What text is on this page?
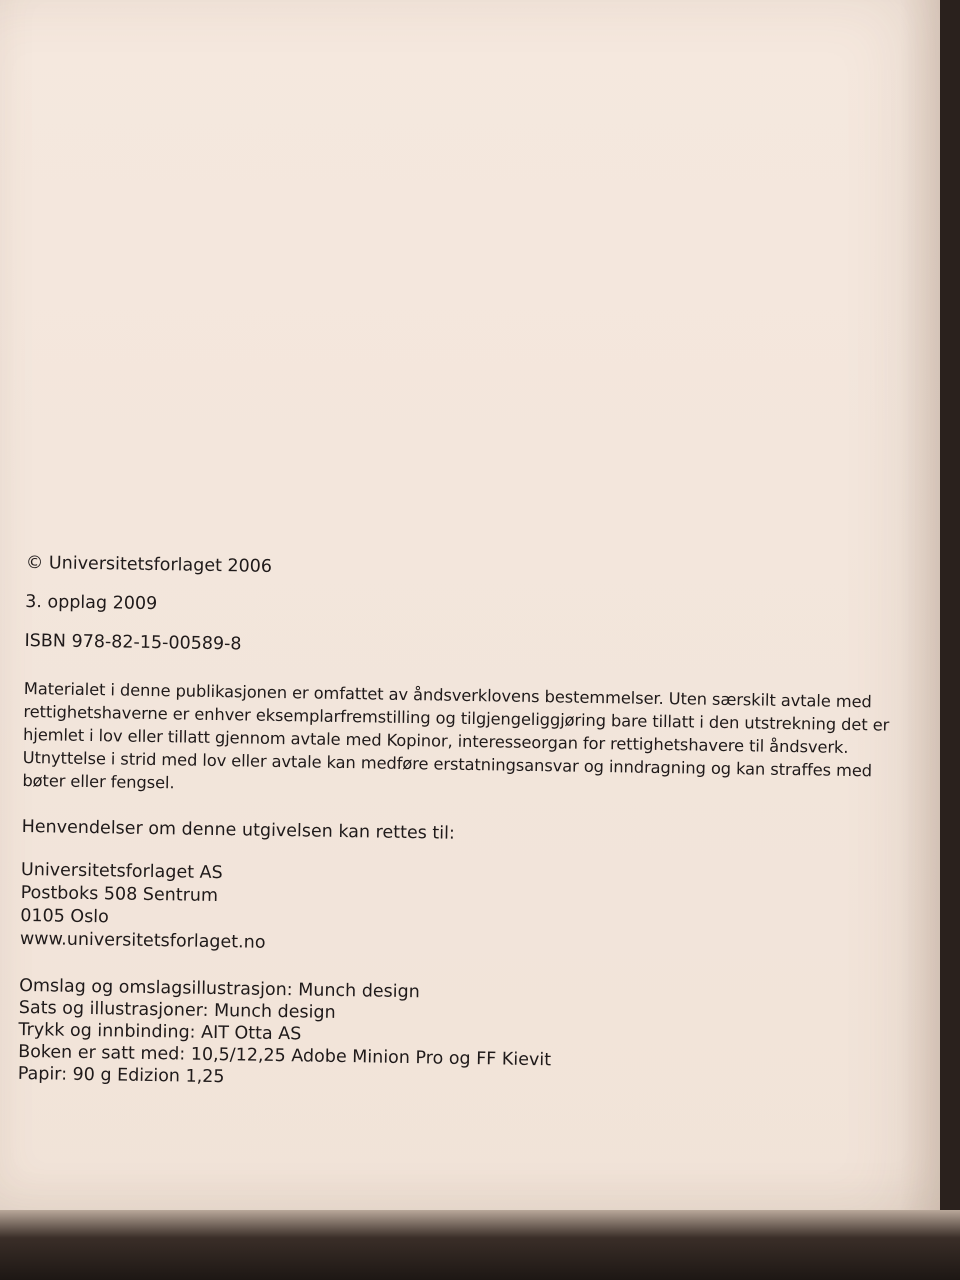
© Universitetsforlaget 2006

3. opplag 2009

ISBN 978-82-15-00589-8

Materialet i denne publikasjonen er omfattet av åndsverklovens bestemmelser. Uten særskilt avtale med rettighetshaverne er enhver eksemplarfremstilling og tilgjengeliggjøring bare tillatt i den utstrekning det er hjemlet i lov eller tillatt gjennom avtale med Kopinor, interesseorgan for rettighetshavere til åndsverk. Utnyttelse i strid med lov eller avtale kan medføre erstatningsansvar og inndragning og kan straffes med bøter eller fengsel.

Henvendelser om denne utgivelsen kan rettes til:

Universitetsforlaget AS

Postboks 508 Sentrum

0105 Oslo

www.universitetsforlaget.no

Omslag og omslagsillustrasjon: Munch design

Sats og illustrasjoner: Munch design

Trykk og innbinding: AIT Otta AS

Boken er satt med: 10,5/12,25 Adobe Minion Pro og FF Kievit

Papir: 90 g Edizion 1,25
